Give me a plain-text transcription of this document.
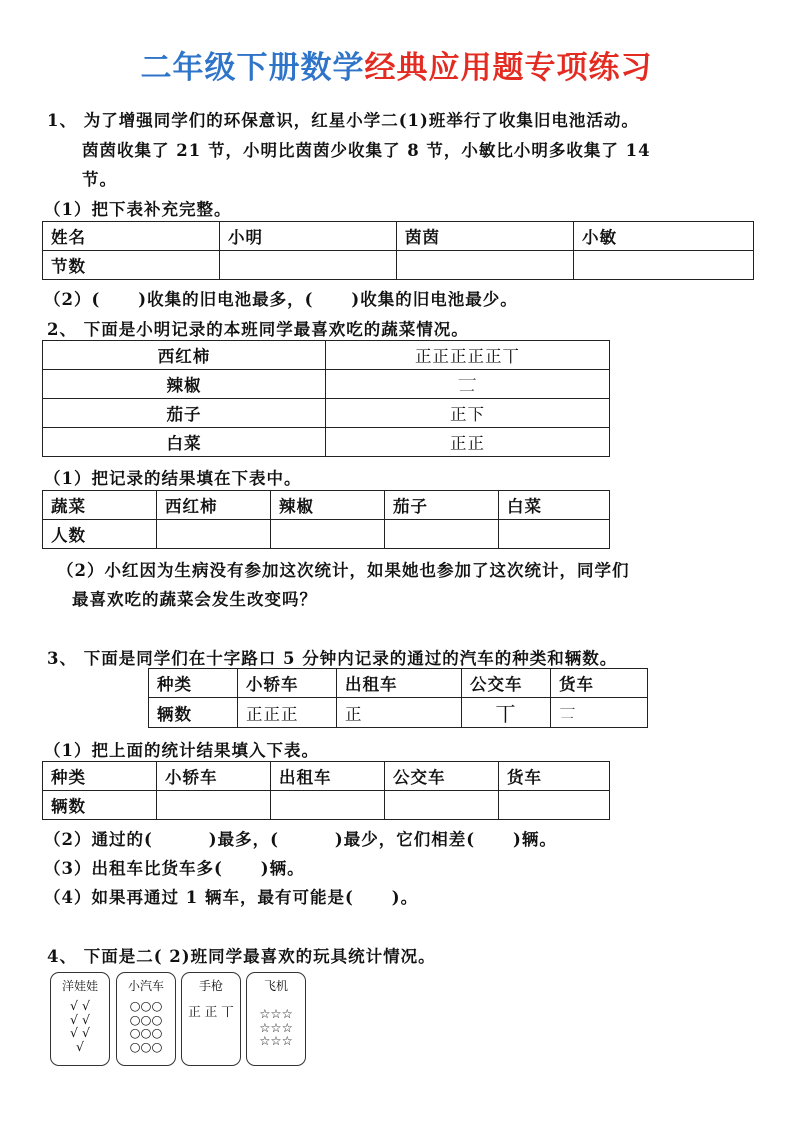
二年级下册数学经典应用题专项练习
1、 为了增强同学们的环保意识，红星小学二(1)班举行了收集旧电池活动。
茵茵收集了 21 节，小明比茵茵少收集了 8 节，小敏比小明多收集了 14
节。
（1）把下表补充完整。
姓名	小明	茵茵	小敏
节数			
（2）( )收集的旧电池最多，( )收集的旧电池最少。
2、 下面是小明记录的本班同学最喜欢吃的蔬菜情况。
西红柿	正正正正正丅
辣椒	𠄟
茄子	正下
白菜	正正
（1）把记录的结果填在下表中。
蔬菜	西红柿	辣椒	茄子	白菜
人数				
（2）小红因为生病没有参加这次统计，如果她也参加了这次统计，同学们
最喜欢吃的蔬菜会发生改变吗？
3、 下面是同学们在十字路口 5 分钟内记录的通过的汽车的种类和辆数。
种类	小轿车	出租车	公交车	货车
辆数	正正正	正	丅	𠄟
（1）把上面的统计结果填入下表。
种类	小轿车	出租车	公交车	货车
辆数				
（2）通过的(	)最多，(	)最少，它们相差( )辆。
（3）出租车比货车多( )辆。
（4）如果再通过 1 辆车，最有可能是( )。
4、 下面是二( 2)班同学最喜欢的玩具统计情况。
洋娃娃
√ √
√ √
√ √
√
小汽车
○○○
○○○
○○○
○○○
手枪
正 正 丅
飞机
☆☆☆
☆☆☆
☆☆☆
